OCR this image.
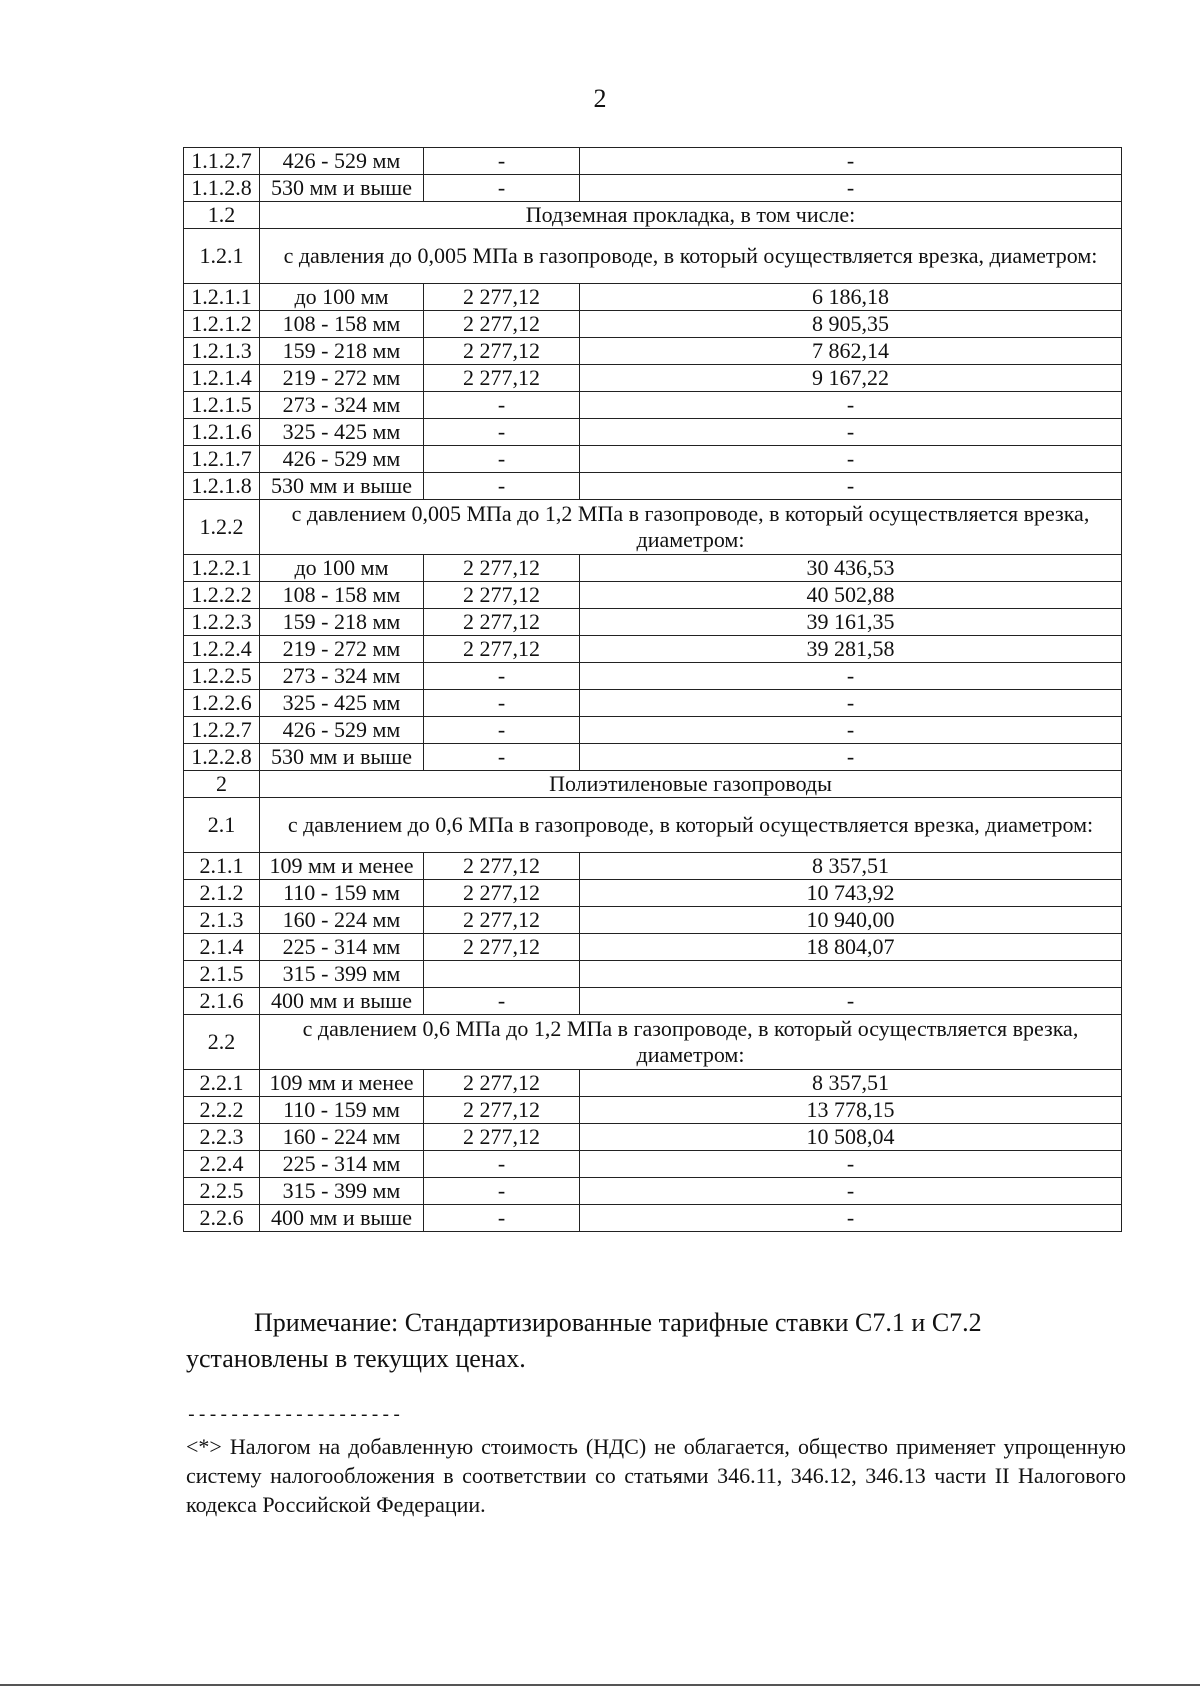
2
1.1.2.7	426 - 529 мм	-	-
1.1.2.8	530 мм и выше	-	-
1.2	Подземная прокладка, в том числе:		
1.2.1	с давления до 0,005 МПа в газопроводе, в который осуществляется врезка, диаметром:		
1.2.1.1	до 100 мм	2 277,12	6 186,18
1.2.1.2	108 - 158 мм	2 277,12	8 905,35
1.2.1.3	159 - 218 мм	2 277,12	7 862,14
1.2.1.4	219 - 272 мм	2 277,12	9 167,22
1.2.1.5	273 - 324 мм	-	-
1.2.1.6	325 - 425 мм	-	-
1.2.1.7	426 - 529 мм	-	-
1.2.1.8	530 мм и выше	-	-
1.2.2	с давлением 0,005 МПа до 1,2 МПа в газопроводе, в который осуществляется врезка, диаметром:		
1.2.2.1	до 100 мм	2 277,12	30 436,53
1.2.2.2	108 - 158 мм	2 277,12	40 502,88
1.2.2.3	159 - 218 мм	2 277,12	39 161,35
1.2.2.4	219 - 272 мм	2 277,12	39 281,58
1.2.2.5	273 - 324 мм	-	-
1.2.2.6	325 - 425 мм	-	-
1.2.2.7	426 - 529 мм	-	-
1.2.2.8	530 мм и выше	-	-
2	Полиэтиленовые газопроводы		
2.1	с давлением до 0,6 МПа в газопроводе, в который осуществляется врезка, диаметром:		
2.1.1	109 мм и менее	2 277,12	8 357,51
2.1.2	110 - 159 мм	2 277,12	10 743,92
2.1.3	160 - 224 мм	2 277,12	10 940,00
2.1.4	225 - 314 мм	2 277,12	18 804,07
2.1.5	315 - 399 мм		
2.1.6	400 мм и выше	-	-
2.2	с давлением 0,6 МПа до 1,2 МПа в газопроводе, в который осуществляется врезка, диаметром:		
2.2.1	109 мм и менее	2 277,12	8 357,51
2.2.2	110 - 159 мм	2 277,12	13 778,15
2.2.3	160 - 224 мм	2 277,12	10 508,04
2.2.4	225 - 314 мм	-	-
2.2.5	315 - 399 мм	-	-
2.2.6	400 мм и выше	-	-
Примечание: Стандартизированные тарифные ставки С7.1 и С7.2
установлены в текущих ценах.
--------------------
<*> Налогом на добавленную стоимость (НДС) не облагается, общество применяет упрощенную систему налогообложения в соответствии со статьями 346.11, 346.12, 346.13 части II Налогового кодекса Российской Федерации.
